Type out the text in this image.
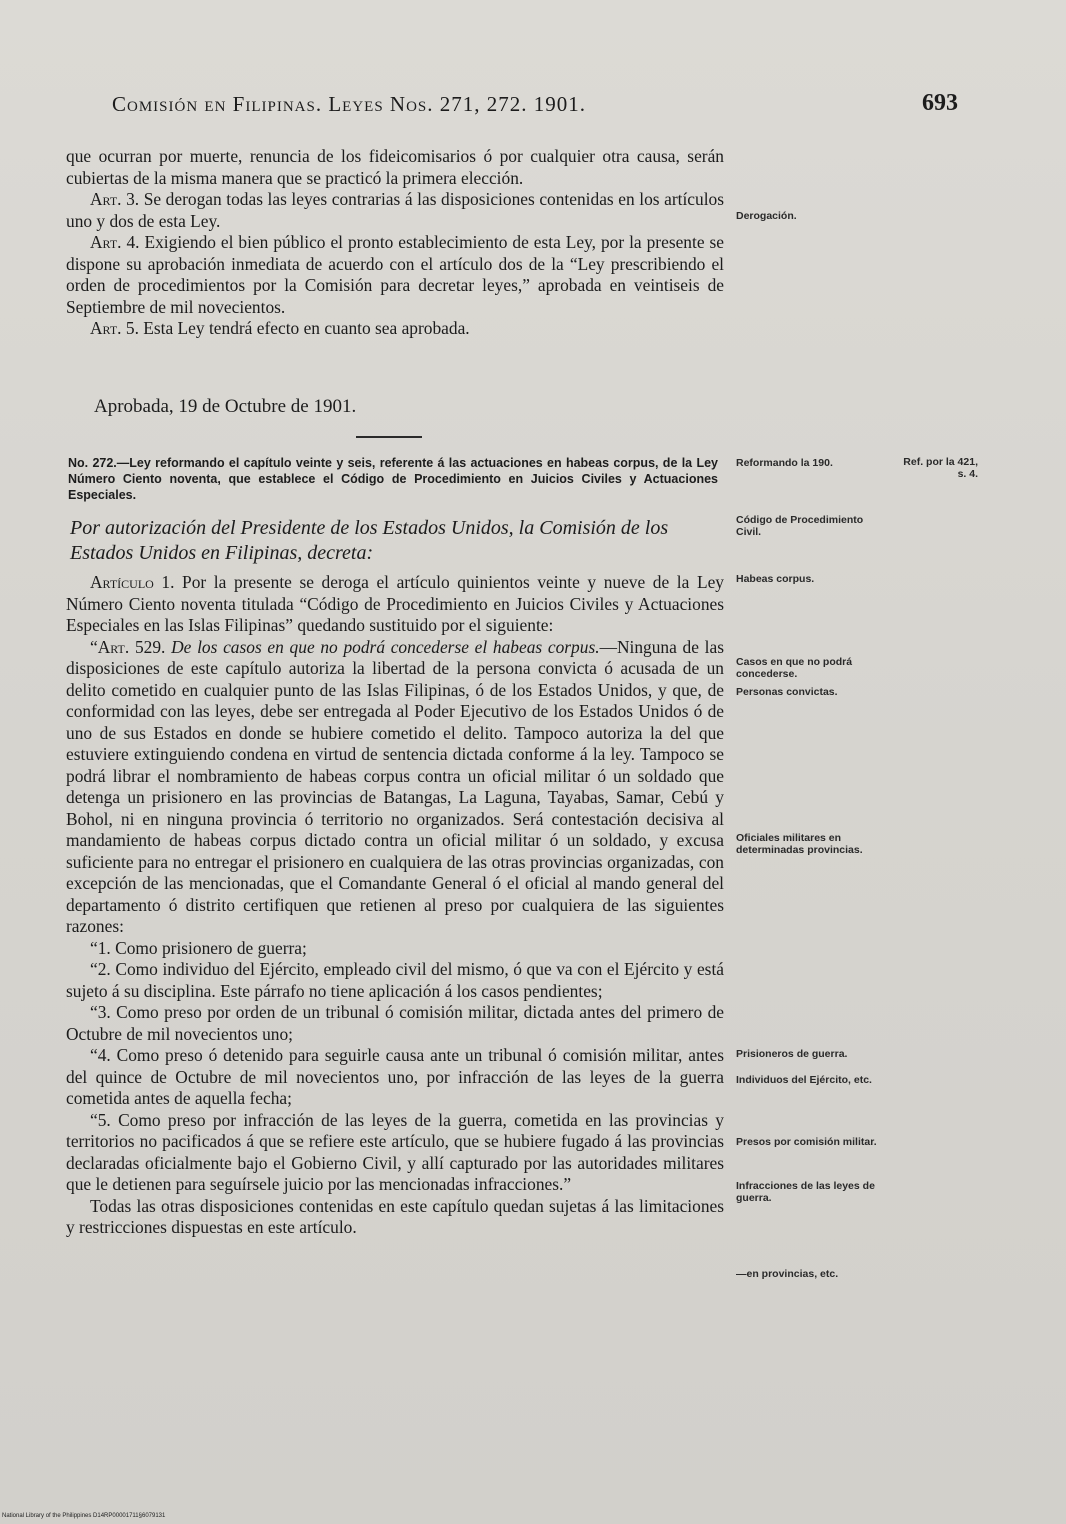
Comisión en Filipinas. Leyes Nos. 271, 272. 1901.	693

que ocurran por muerte, renuncia de los fideicomisarios ó por cualquier otra causa, serán cubiertas de la misma manera que se practicó la primera elección.

Art. 3. Se derogan todas las leyes contrarias á las disposiciones contenidas en los artículos uno y dos de esta Ley.

Art. 4. Exigiendo el bien público el pronto establecimiento de esta Ley, por la presente se dispone su aprobación inmediata de acuerdo con el artículo dos de la “Ley prescribiendo el orden de procedimientos por la Comisión para decretar leyes,” aprobada en veintiseis de Septiembre de mil novecientos.

Art. 5. Esta Ley tendrá efecto en cuanto sea aprobada.

Aprobada, 19 de Octubre de 1901.
No. 272.—Ley reformando el capítulo veinte y seis, referente á las actuaciones en habeas corpus, de la Ley Número Ciento noventa, que establece el Código de Procedimiento en Juicios Civiles y Actuaciones Especiales.
Por autorización del Presidente de los Estados Unidos, la Comisión de los Estados Unidos en Filipinas, decreta:

Artículo 1. Por la presente se deroga el artículo quinientos veinte y nueve de la Ley Número Ciento noventa titulada “Código de Procedimiento en Juicios Civiles y Actuaciones Especiales en las Islas Filipinas” quedando sustituido por el siguiente:

“Art. 529. De los casos en que no podrá concederse el habeas corpus.—Ninguna de las disposiciones de este capítulo autoriza la libertad de la persona convicta ó acusada de un delito cometido en cualquier punto de las Islas Filipinas, ó de los Estados Unidos, y que, de conformidad con las leyes, debe ser entregada al Poder Ejecutivo de los Estados Unidos ó de uno de sus Estados en donde se hubiere cometido el delito. Tampoco autoriza la del que estuviere extinguiendo condena en virtud de sentencia dictada conforme á la ley. Tampoco se podrá librar el nombramiento de habeas corpus contra un oficial militar ó un soldado que detenga un prisionero en las provincias de Batangas, La Laguna, Tayabas, Samar, Cebú y Bohol, ni en ninguna provincia ó territorio no organizados. Será contestación decisiva al mandamiento de habeas corpus dictado contra un oficial militar ó un soldado, y excusa suficiente para no entregar el prisionero en cualquiera de las otras provincias organizadas, con excepción de las mencionadas, que el Comandante General ó el oficial al mando general del departamento ó distrito certifiquen que retienen al preso por cualquiera de las siguientes razones:

“1. Como prisionero de guerra;

“2. Como individuo del Ejército, empleado civil del mismo, ó que va con el Ejército y está sujeto á su disciplina. Este párrafo no tiene aplicación á los casos pendientes;

“3. Como preso por orden de un tribunal ó comisión militar, dictada antes del primero de Octubre de mil novecientos uno;

“4. Como preso ó detenido para seguirle causa ante un tribunal ó comisión militar, antes del quince de Octubre de mil novecientos uno, por infracción de las leyes de la guerra cometida antes de aquella fecha;

“5. Como preso por infracción de las leyes de la guerra, cometida en las provincias y territorios no pacificados á que se refiere este artículo, que se hubiere fugado á las provincias declaradas oficialmente bajo el Gobierno Civil, y allí capturado por las autoridades militares que le detienen para seguírsele juicio por las mencionadas infracciones.”

Todas las otras disposiciones contenidas en este capítulo quedan sujetas á las limitaciones y restricciones dispuestas en este artículo.

Derogación.
Reformando la 190.	Ref. por la 421, s. 4.
Código de Procedimiento Civil.
Habeas corpus.
Casos en que no podrá concederse.
Personas convictas.
Oficiales militares en determinadas provincias.
Prisioneros de guerra.
Individuos del Ejército, etc.
Presos por comisión militar.
Infracciones de las leyes de guerra.
—en provincias, etc.
National Library of the Philippines D14RP00001711§6079131
